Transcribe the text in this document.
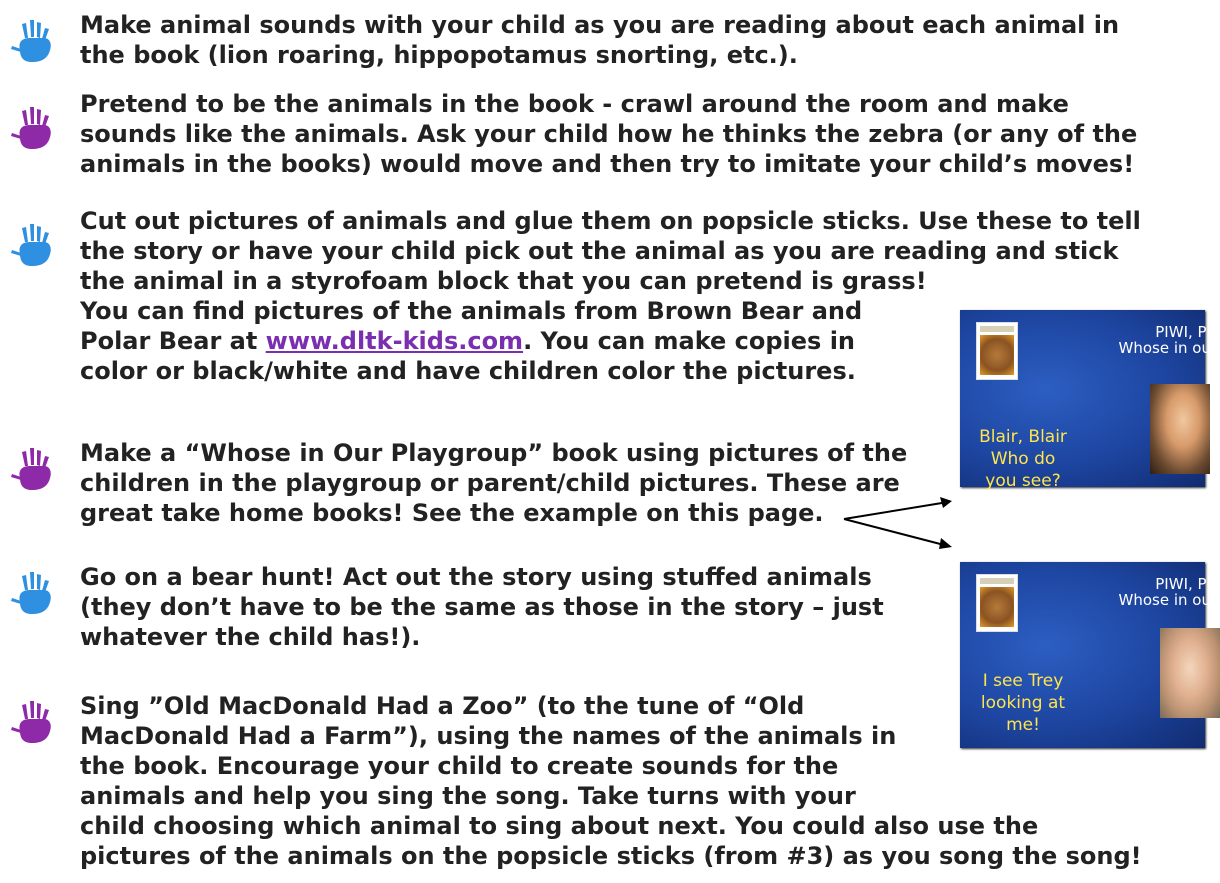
Make animal sounds with your child as you are reading about each animal in
the book (lion roaring, hippopotamus snorting, etc.).
Pretend to be the animals in the book - crawl around the room and make
sounds like the animals. Ask your child how he thinks the zebra (or any of the
animals in the books) would move and then try to imitate your child’s moves!
Cut out pictures of animals and glue them on popsicle sticks. Use these to tell
the story or have your child pick out the animal as you are reading and stick
the animal in a styrofoam block that you can pretend is grass!
You can find pictures of the animals from Brown Bear and
Polar Bear at www.dltk-kids.com. You can make copies in
color or black/white and have children color the pictures.
Make a “Whose in Our Playgroup” book using pictures of the
children in the playgroup or parent/child pictures. These are
great take home books! See the example on this page.
Go on a bear hunt! Act out the story using stuffed animals
(they don’t have to be the same as those in the story – just
whatever the child has!).
Sing ”Old MacDonald Had a Zoo” (to the tune of “Old
MacDonald Had a Farm”), using the names of the animals in
the book. Encourage your child to create sounds for the
animals and help you sing the song. Take turns with your
child choosing which animal to sing about next. You could also use the
pictures of the animals on the popsicle sticks (from #3) as you song the song!
PIWI, PI
Whose in ou
Blair, Blair
Who do
you see?
PIWI, PI
Whose in ou
I see Trey
looking at
me!
